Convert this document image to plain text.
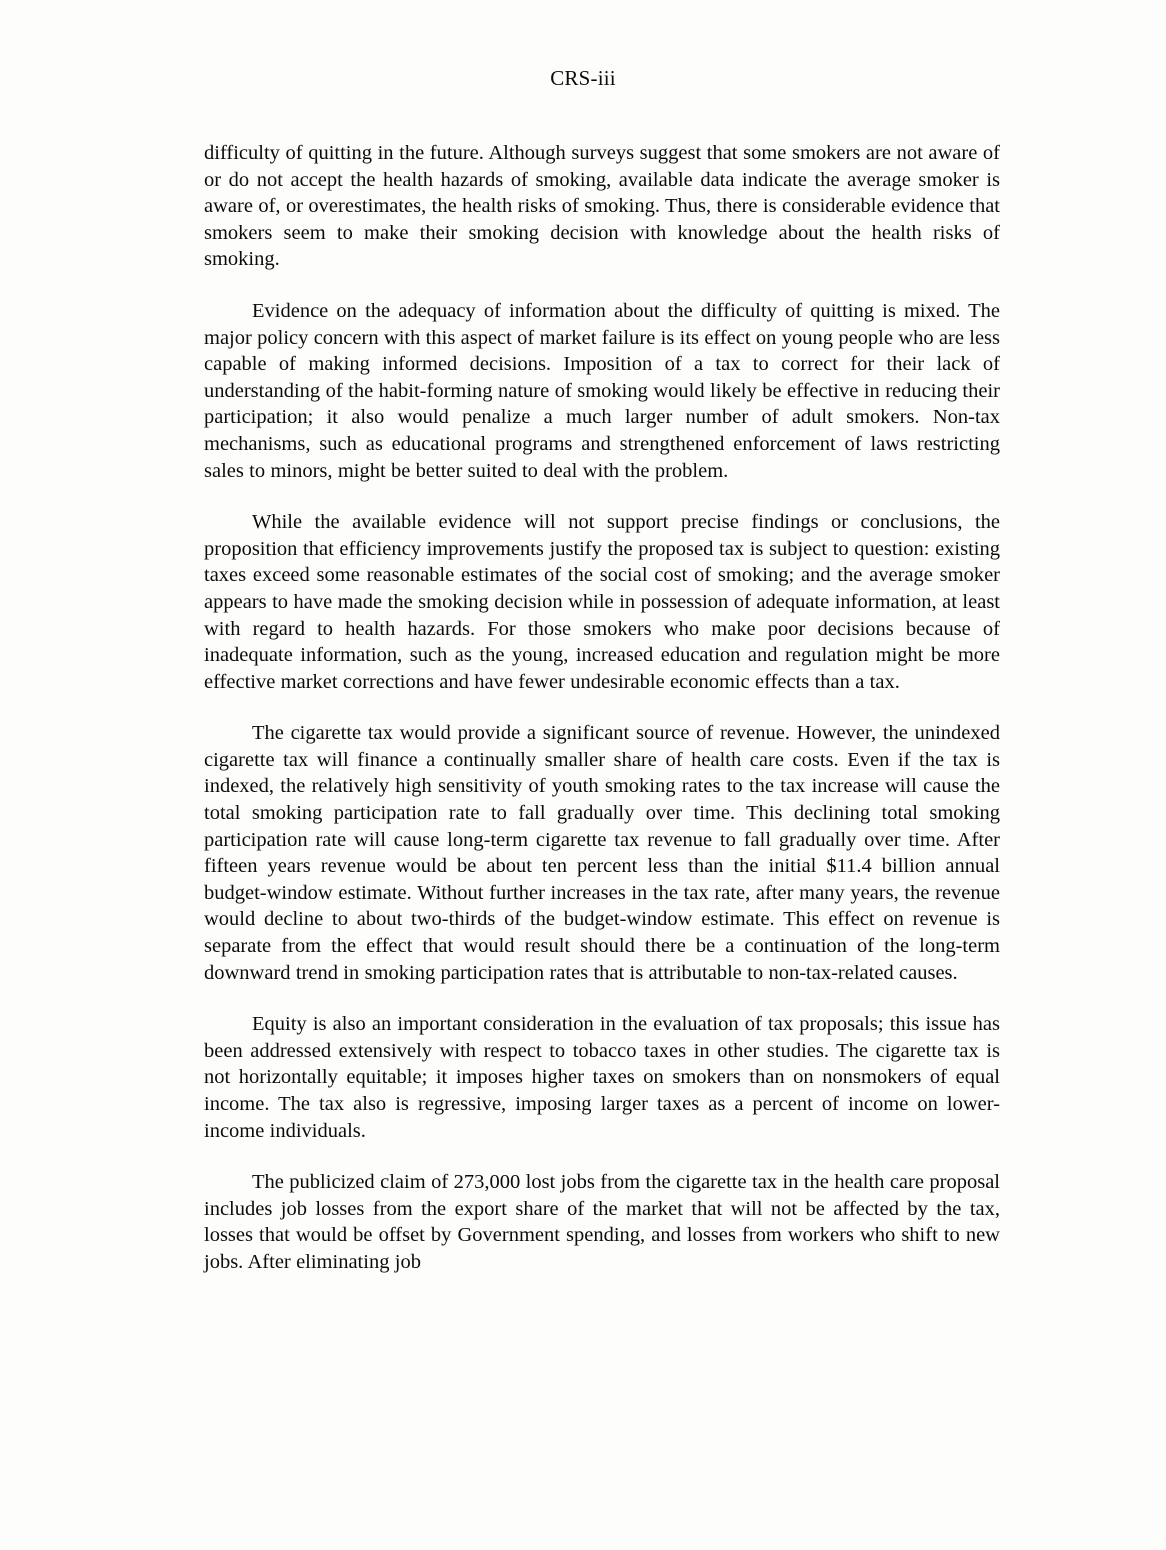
CRS-iii

difficulty of quitting in the future. Although surveys suggest that some smokers are not aware of or do not accept the health hazards of smoking, available data indicate the average smoker is aware of, or overestimates, the health risks of smoking. Thus, there is considerable evidence that smokers seem to make their smoking decision with knowledge about the health risks of smoking.

Evidence on the adequacy of information about the difficulty of quitting is mixed. The major policy concern with this aspect of market failure is its effect on young people who are less capable of making informed decisions. Imposition of a tax to correct for their lack of understanding of the habit-forming nature of smoking would likely be effective in reducing their participation; it also would penalize a much larger number of adult smokers. Non-tax mechanisms, such as educational programs and strengthened enforcement of laws restricting sales to minors, might be better suited to deal with the problem.

While the available evidence will not support precise findings or conclusions, the proposition that efficiency improvements justify the proposed tax is subject to question: existing taxes exceed some reasonable estimates of the social cost of smoking; and the average smoker appears to have made the smoking decision while in possession of adequate information, at least with regard to health hazards. For those smokers who make poor decisions because of inadequate information, such as the young, increased education and regulation might be more effective market corrections and have fewer undesirable economic effects than a tax.

The cigarette tax would provide a significant source of revenue. However, the unindexed cigarette tax will finance a continually smaller share of health care costs. Even if the tax is indexed, the relatively high sensitivity of youth smoking rates to the tax increase will cause the total smoking participation rate to fall gradually over time. This declining total smoking participation rate will cause long-term cigarette tax revenue to fall gradually over time. After fifteen years revenue would be about ten percent less than the initial $11.4 billion annual budget-window estimate. Without further increases in the tax rate, after many years, the revenue would decline to about two-thirds of the budget-window estimate. This effect on revenue is separate from the effect that would result should there be a continuation of the long-term downward trend in smoking participation rates that is attributable to non-tax-related causes.

Equity is also an important consideration in the evaluation of tax proposals; this issue has been addressed extensively with respect to tobacco taxes in other studies. The cigarette tax is not horizontally equitable; it imposes higher taxes on smokers than on nonsmokers of equal income. The tax also is regressive, imposing larger taxes as a percent of income on lower-income individuals.

The publicized claim of 273,000 lost jobs from the cigarette tax in the health care proposal includes job losses from the export share of the market that will not be affected by the tax, losses that would be offset by Government spending, and losses from workers who shift to new jobs. After eliminating job
